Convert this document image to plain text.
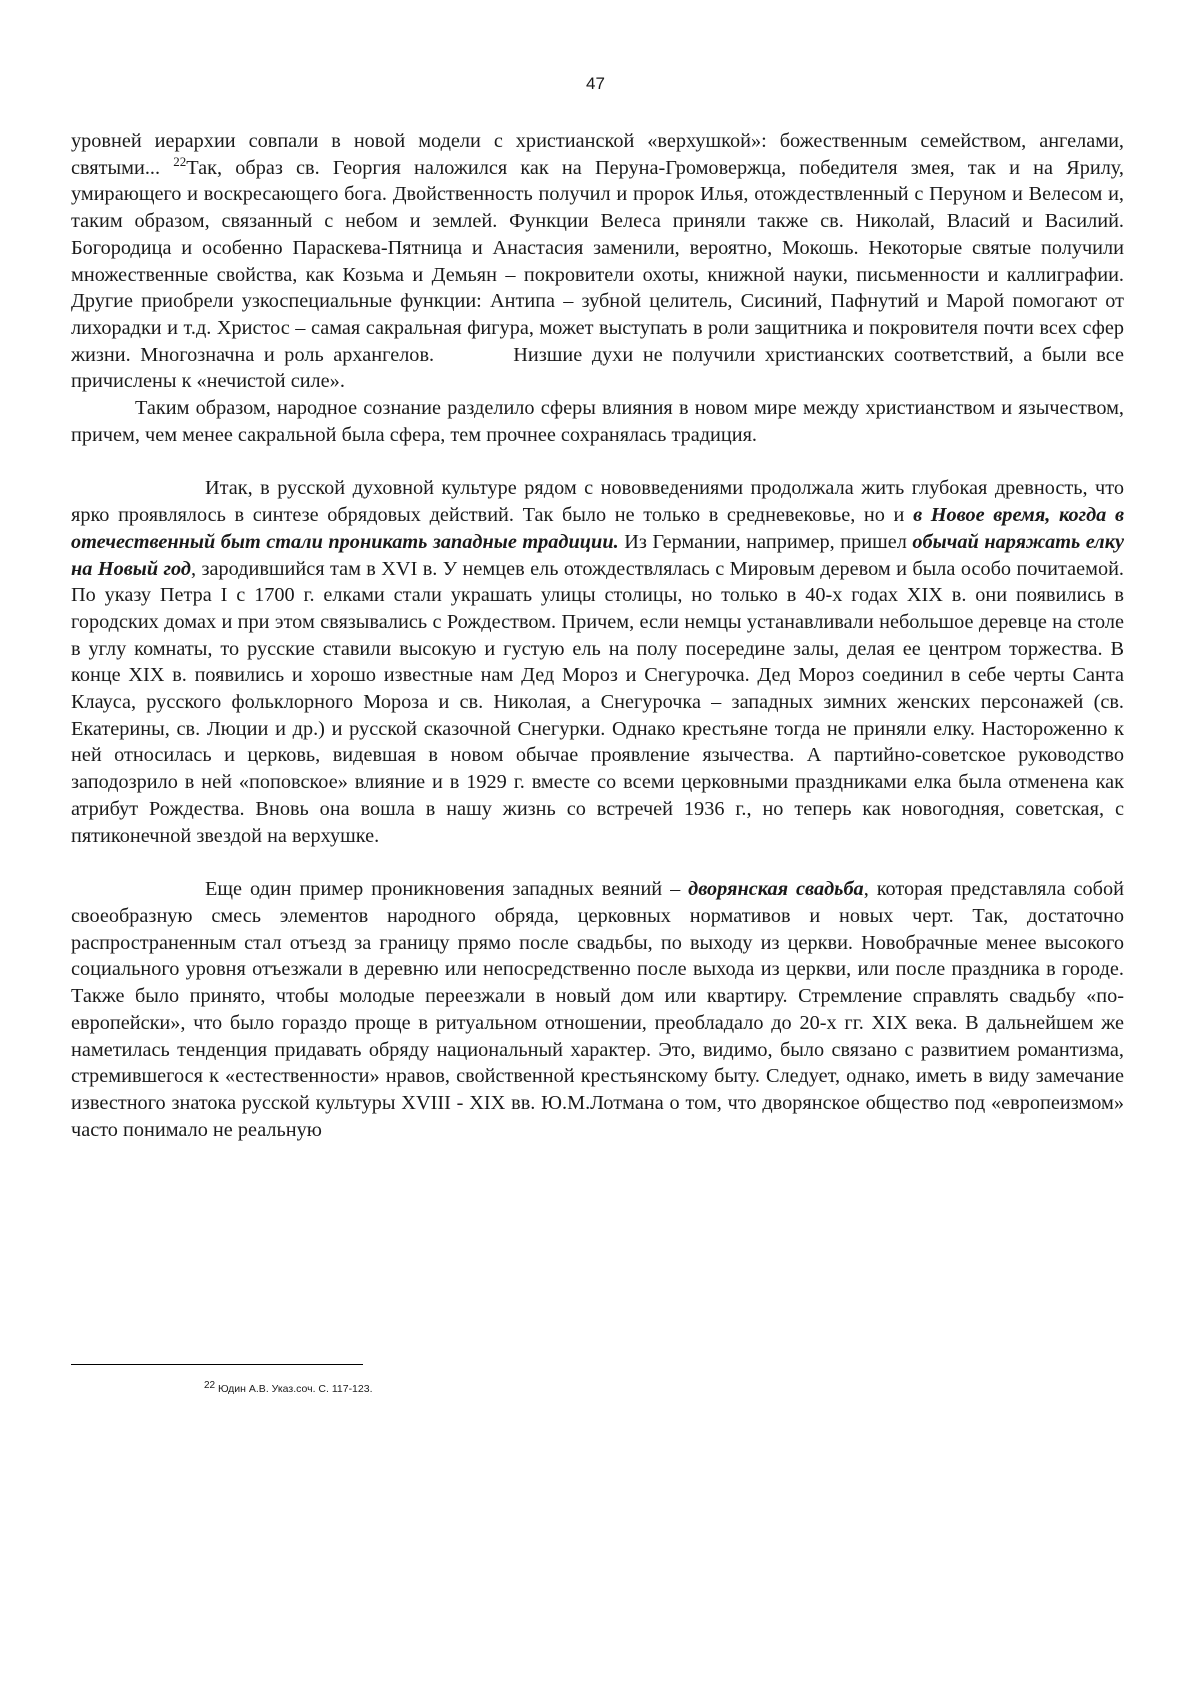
47

уровней иерархии совпали в новой модели с христианской «верхушкой»: божественным семейством, ангелами, святыми... $^{22}$Так, образ св. Георгия наложился как на Перуна-Громовержца, победителя змея, так и на Ярилу, умирающего и воскресающего бога. Двойственность получил и пророк Илья, отождествленный с Перуном и Велесом и, таким образом, связанный с небом и землей. Функции Велеса приняли также св. Николай, Власий и Василий. Богородица и особенно Параскева-Пятница и Анастасия заменили, вероятно, Мокошь. Некоторые святые получили множественные свойства, как Козьма и Демьян – покровители охоты, книжной науки, письменности и каллиграфии. Другие приобрели узкоспециальные функции: Антипа – зубной целитель, Сисиний, Пафнутий и Марой помогают от лихорадки и т.д. Христос – самая сакральная фигура, может выступать в роли защитника и покровителя почти всех сфер жизни. Многозначна и роль архангелов.	Низшие духи не получили христианских соответствий, а были все причислены к «нечистой силе».
Таким образом, народное сознание разделило сферы влияния в новом мире между христианством и язычеством, причем, чем менее сакральной была сфера, тем прочнее сохранялась традиция.

Итак, в русской духовной культуре рядом с нововведениями продолжала жить глубокая древность, что ярко проявлялось в синтезе обрядовых действий. Так было не только в средневековье, но и в Новое время, когда в отечественный быт стали проникать западные традиции. Из Германии, например, пришел обычай наряжать елку на Новый год, зародившийся там в XVI в. У немцев ель отождествлялась с Мировым деревом и была особо почитаемой. По указу Петра I с 1700 г. елками стали украшать улицы столицы, но только в 40-х годах XIX в. они появились в городских домах и при этом связывались с Рождеством. Причем, если немцы устанавливали небольшое деревце на столе в углу комнаты, то русские ставили высокую и густую ель на полу посередине залы, делая ее центром торжества. В конце XIX в. появились и хорошо известные нам Дед Мороз и Снегурочка. Дед Мороз соединил в себе черты Санта Клауса, русского фольклорного Мороза и св. Николая, а Снегурочка – западных зимних женских персонажей (св. Екатерины, св. Люции и др.) и русской сказочной Снегурки. Однако крестьяне тогда не приняли елку. Настороженно к ней относилась и церковь, видевшая в новом обычае проявление язычества. А партийно-советское руководство заподозрило в ней «поповское» влияние и в 1929 г. вместе со всеми церковными праздниками елка была отменена как атрибут Рождества. Вновь она вошла в нашу жизнь со встречей 1936 г., но теперь как новогодняя, советская, с пятиконечной звездой на верхушке.

Еще один пример проникновения западных веяний – дворянская свадьба, которая представляла собой своеобразную смесь элементов народного обряда, церковных нормативов и новых черт. Так, достаточно распространенным стал отъезд за границу прямо после свадьбы, по выходу из церкви. Новобрачные менее высокого социального уровня отъезжали в деревню или непосредственно после выхода из церкви, или после праздника в городе. Также было принято, чтобы молодые переезжали в новый дом или квартиру. Стремление справлять свадьбу «по-европейски», что было гораздо проще в ритуальном отношении, преобладало до 20-х гг. XIX века. В дальнейшем же наметилась тенденция придавать обряду национальный характер. Это, видимо, было связано с развитием романтизма, стремившегося к «естественности» нравов, свойственной крестьянскому быту. Следует, однако, иметь в виду замечание известного знатока русской культуры XVIII - XIX вв. Ю.М.Лотмана о том, что дворянское общество под «европеизмом» часто понимало не реальную

$^{22}$ Юдин А.В. Указ.соч. С. 117-123.
